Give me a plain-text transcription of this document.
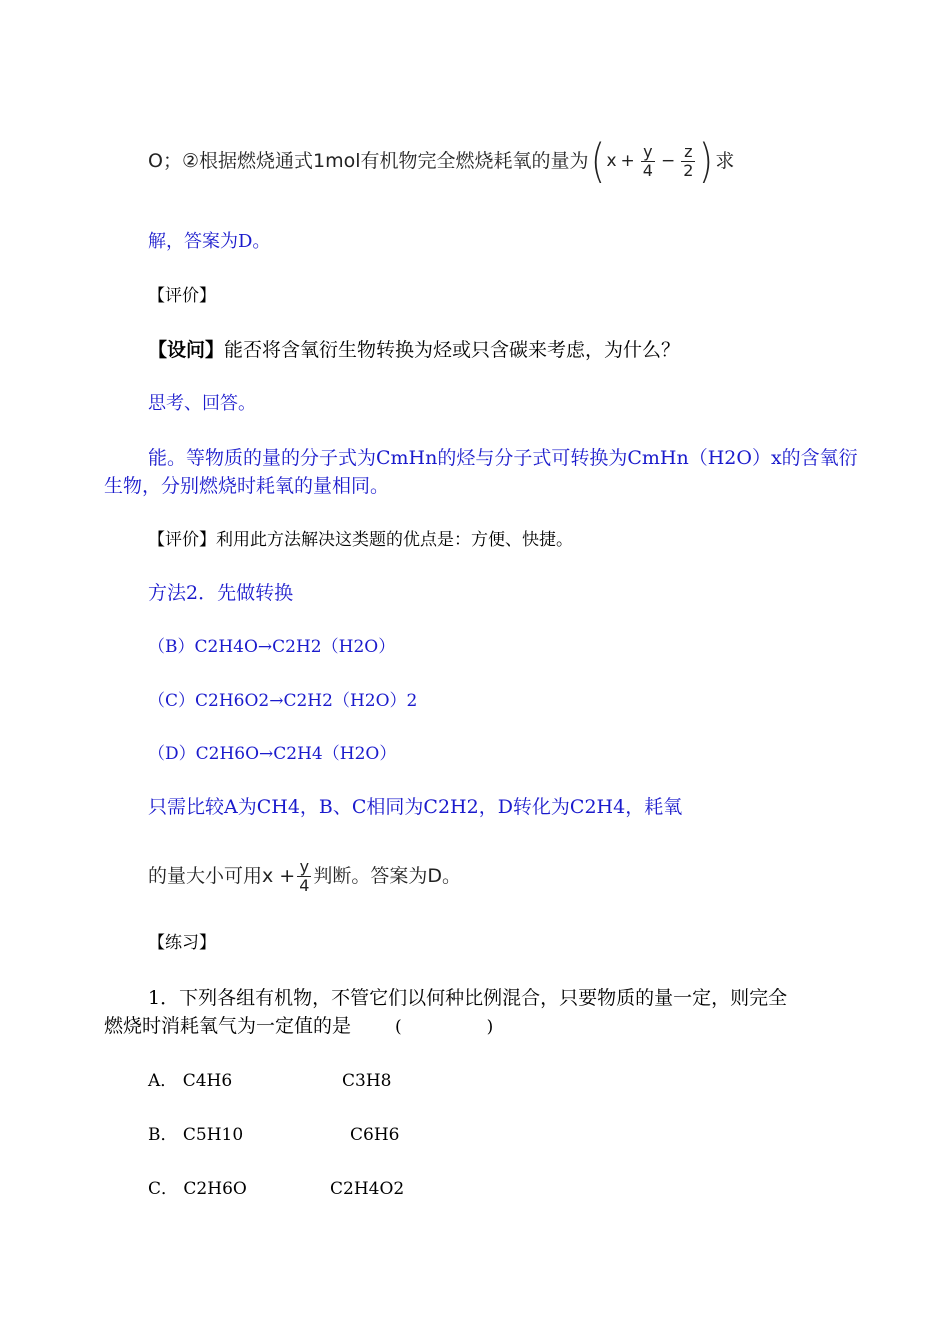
O；②根据燃烧通式1mol有机物完全燃烧耗氧的量为 ( $x + \frac{y}{4} - \frac{z}{2}$ ) 求
解，答案为D。
【评价】
【设问】能否将含氧衍生物转换为烃或只含碳来考虑，为什么？
思考、回答。
能。等物质的量的分子式为CmHn的烃与分子式可转换为CmHn（H2O）x的含氧衍
生物，分别燃烧时耗氧的量相同。
【评价】利用此方法解决这类题的优点是：方便、快捷。
方法2．先做转换
（B）C2H4O→C2H2（H2O）
（C）C2H6O2→C2H2（H2O）2
（D）C2H6O→C2H4（H2O）
只需比较A为CH4，B、C相同为C2H2，D转化为C2H4，耗氧
的量大小可用$x + \frac{y}{4}$ 判断。答案为D。
【练习】
1．下列各组有机物，不管它们以何种比例混合，只要物质的量一定，则完全
燃烧时消耗氧气为一定值的是	(　　　　　)
A． C4H6	C3H8
B． C5H10	C6H6
C． C2H6O	C2H4O2
